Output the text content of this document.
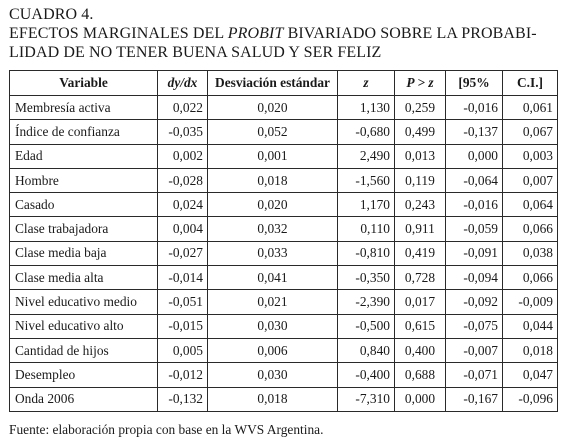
CUADRO 4.
EFECTOS MARGINALES DEL PROBIT BIVARIADO SOBRE LA PROBABI-
LIDAD DE NO TENER BUENA SALUD Y SER FELIZ
Variable	dy/dx	Desviación estándar	z	P > z	[95%	C.I.]
Membresía activa	0,022	0,020	1,130	0,259	-0,016	0,061
Índice de confianza	-0,035	0,052	-0,680	0,499	-0,137	0,067
Edad	0,002	0,001	2,490	0,013	0,000	0,003
Hombre	-0,028	0,018	-1,560	0,119	-0,064	0,007
Casado	0,024	0,020	1,170	0,243	-0,016	0,064
Clase trabajadora	0,004	0,032	0,110	0,911	-0,059	0,066
Clase media baja	-0,027	0,033	-0,810	0,419	-0,091	0,038
Clase media alta	-0,014	0,041	-0,350	0,728	-0,094	0,066
Nivel educativo medio	-0,051	0,021	-2,390	0,017	-0,092	-0,009
Nivel educativo alto	-0,015	0,030	-0,500	0,615	-0,075	0,044
Cantidad de hijos	0,005	0,006	0,840	0,400	-0,007	0,018
Desempleo	-0,012	0,030	-0,400	0,688	-0,071	0,047
Onda 2006	-0,132	0,018	-7,310	0,000	-0,167	-0,096
Fuente: elaboración propia con base en la WVS Argentina.
